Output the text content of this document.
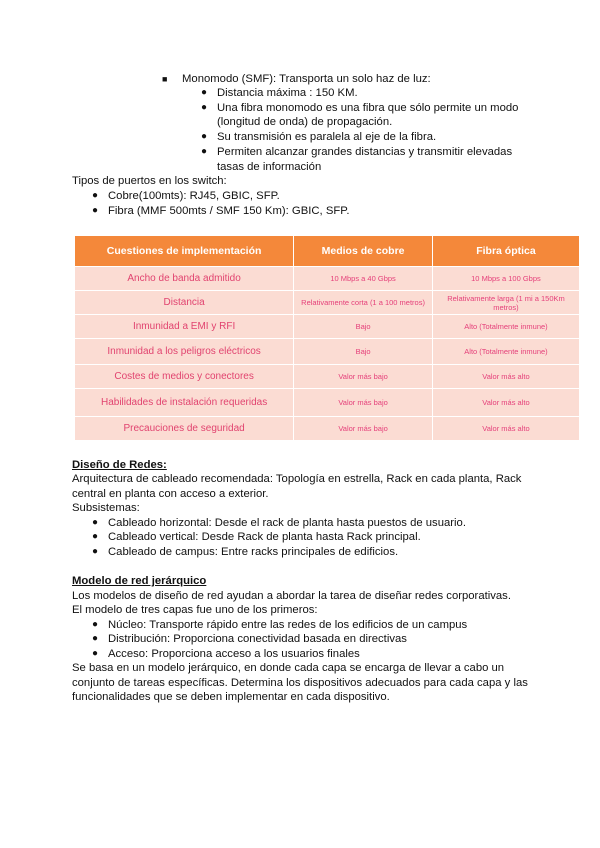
■ Monomodo (SMF): Transporta un solo haz de luz:
● Distancia máxima : 150 KM.
● Una fibra monomodo es una fibra que sólo permite un modo
(longitud de onda) de propagación.
● Su transmisión es paralela al eje de la fibra.
● Permiten alcanzar grandes distancias y transmitir elevadas
tasas de información
Tipos de puertos en los switch:
● Cobre(100mts): RJ45, GBIC, SFP.
● Fibra (MMF 500mts / SMF 150 Km): GBIC, SFP.
Cuestiones de implementación	Medios de cobre	Fibra óptica
Ancho de banda admitido	10 Mbps a 40 Gbps	10 Mbps a 100 Gbps
Distancia	Relativamente corta (1 a 100 metros)	Relativamente larga (1 mi a 150Km metros)
Inmunidad a EMI y RFI	Bajo	Alto (Totalmente inmune)
Inmunidad a los peligros eléctricos	Bajo	Alto (Totalmente inmune)
Costes de medios y conectores	Valor más bajo	Valor más alto
Habilidades de instalación requeridas	Valor más bajo	Valor más alto
Precauciones de seguridad	Valor más bajo	Valor más alto
Diseño de Redes:
Arquitectura de cableado recomendada: Topología en estrella, Rack en cada planta, Rack
central en planta con acceso a exterior.
Subsistemas:
● Cableado horizontal: Desde el rack de planta hasta puestos de usuario.
● Cableado vertical: Desde Rack de planta hasta Rack principal.
● Cableado de campus: Entre racks principales de edificios.
Modelo de red jerárquico
Los modelos de diseño de red ayudan a abordar la tarea de diseñar redes corporativas.
El modelo de tres capas fue uno de los primeros:
● Núcleo: Transporte rápido entre las redes de los edificios de un campus
● Distribución: Proporciona conectividad basada en directivas
● Acceso: Proporciona acceso a los usuarios finales
Se basa en un modelo jerárquico, en donde cada capa se encarga de llevar a cabo un
conjunto de tareas específicas. Determina los dispositivos adecuados para cada capa y las
funcionalidades que se deben implementar en cada dispositivo.
